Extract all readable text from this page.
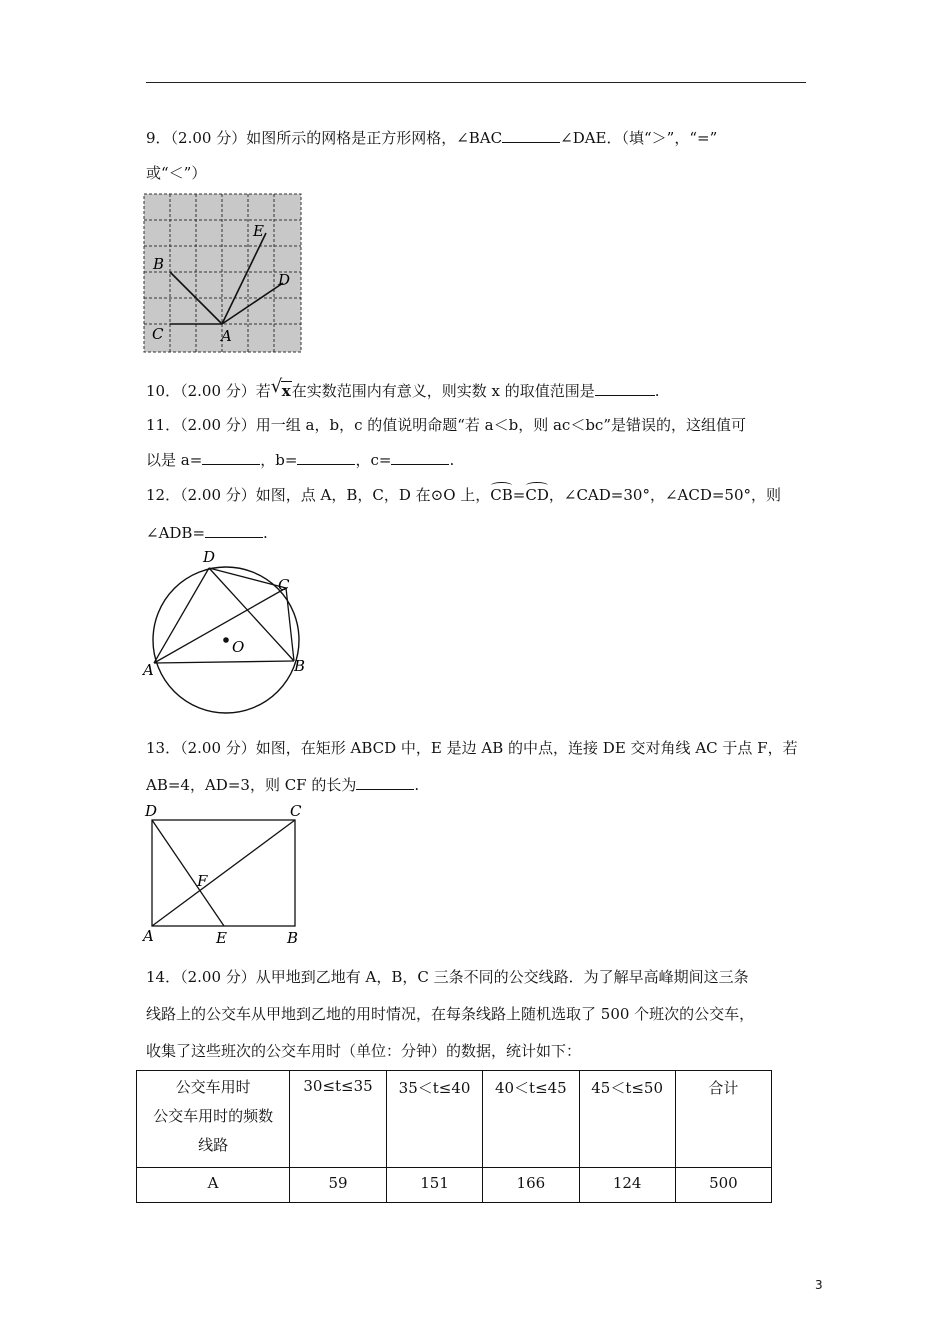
9．（2.00 分）如图所示的网格是正方形网格，∠BAC	∠DAE．（填“＞”，“=”
或“＜”）
B
C	A
E
D
10．（2.00 分）若 √ x在实数范围内有意义，则实数 x 的取值范围是	.
11．（2.00 分）用一组 a，b，c 的值说明命题“若 a＜b，则 ac＜bc”是错误的，这组值可
以是 a=	，b=	，c=	.
12．（2.00 分）如图，点 A，B，C，D 在⊙O 上，CB=CD，∠CAD=30°，∠ACD=50°，则
∠ADB=	.
D
C
O
A	B
13．（2.00 分）如图，在矩形 ABCD 中，E 是边 AB 的中点，连接 DE 交对角线 AC 于点 F，若
AB=4，AD=3，则 CF 的长为	.
D	C
F
A	E	B
14．（2.00 分）从甲地到乙地有 A，B，C 三条不同的公交线路．为了解早高峰期间这三条
线路上的公交车从甲地到乙地的用时情况，在每条线路上随机选取了 500 个班次的公交车，
收集了这些班次的公交车用时（单位：分钟）的数据，统计如下：
公交车用时
公交车用时的频数
线路	30≤t≤35	35＜t≤40	40＜t≤45	45＜t≤50	合计
A	59	151	166	124	500
3
